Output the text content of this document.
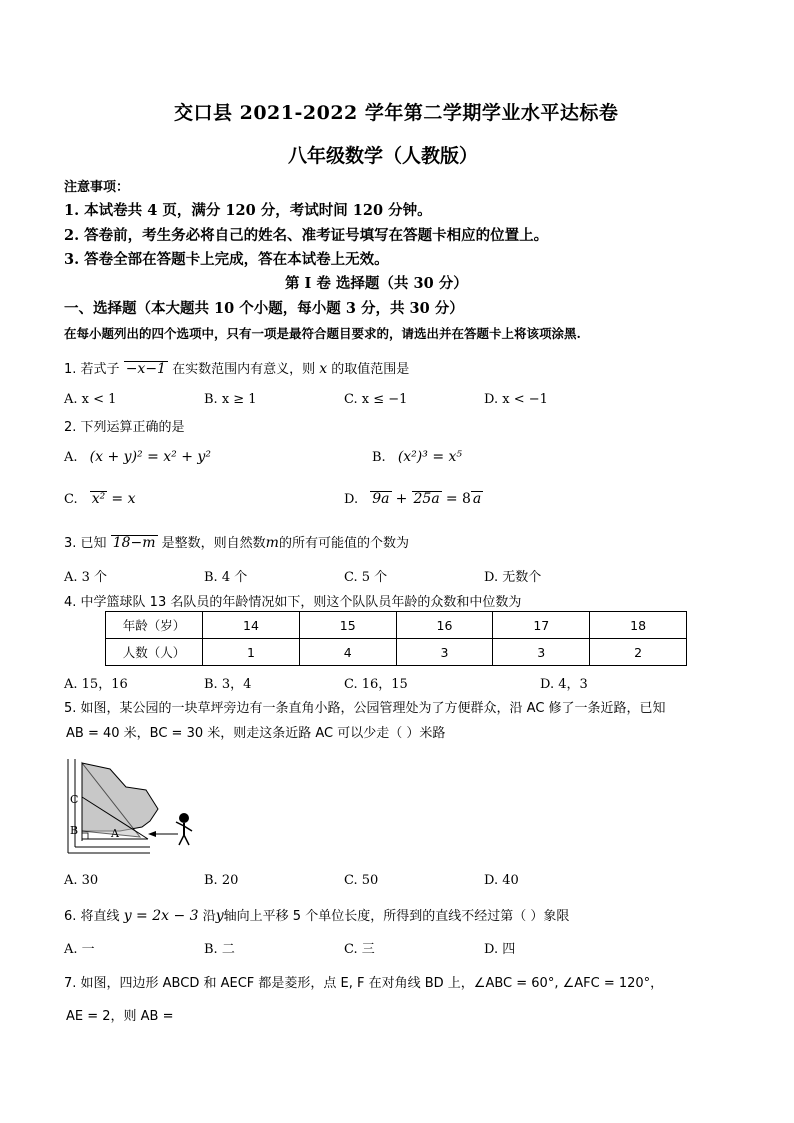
交口县 2021-2022 学年第二学期学业水平达标卷
八年级数学（人教版）
注意事项：
1. 本试卷共 4 页，满分 120 分，考试时间 120 分钟。
2. 答卷前，考生务必将自己的姓名、准考证号填写在答题卡相应的位置上。
3. 答卷全部在答题卡上完成，答在本试卷上无效。
第 I 卷 选择题（共 30 分）
一、选择题（本大题共 10 个小题，每小题 3 分，共 30 分）
在每小题列出的四个选项中，只有一项是最符合题目要求的，请选出并在答题卡上将该项涂黑.
1. 若式子 −x−1 在实数范围内有意义，则 x 的取值范围是
A. x < 1	B. x ≥ 1	C. x ≤ −1	D. x < −1
2. 下列运算正确的是
A. (x + y)² = x² + y²	B. (x²)³ = x⁵
C. x² = x	D. 9a + 25a = 8 a
3. 已知 18−m 是整数，则自然数m的所有可能值的个数为
A. 3 个	B. 4 个	C. 5 个	D. 无数个
4. 中学篮球队 13 名队员的年龄情况如下，则这个队队员年龄的众数和中位数为
年龄（岁）	14	15	16	17	18
人数（人）	1	4	3	3	2
A. 15，16	B. 3，4	C. 16，15	D. 4，3
5. 如图，某公园的一块草坪旁边有一条直角小路，公园管理处为了方便群众，沿 AC 修了一条近路，已知
AB = 40 米，BC = 30 米，则走这条近路 AC 可以少走（ ）米路
C
B	A
A. 30	B. 20	C. 50	D. 40
6. 将直线 y = 2x − 3 沿y轴向上平移 5 个单位长度，所得到的直线不经过第（ ）象限
A. 一	B. 二	C. 三	D. 四
7. 如图，四边形 ABCD 和 AECF 都是菱形，点 E, F 在对角线 BD 上，∠ABC = 60°, ∠AFC = 120°，
AE = 2，则 AB =
